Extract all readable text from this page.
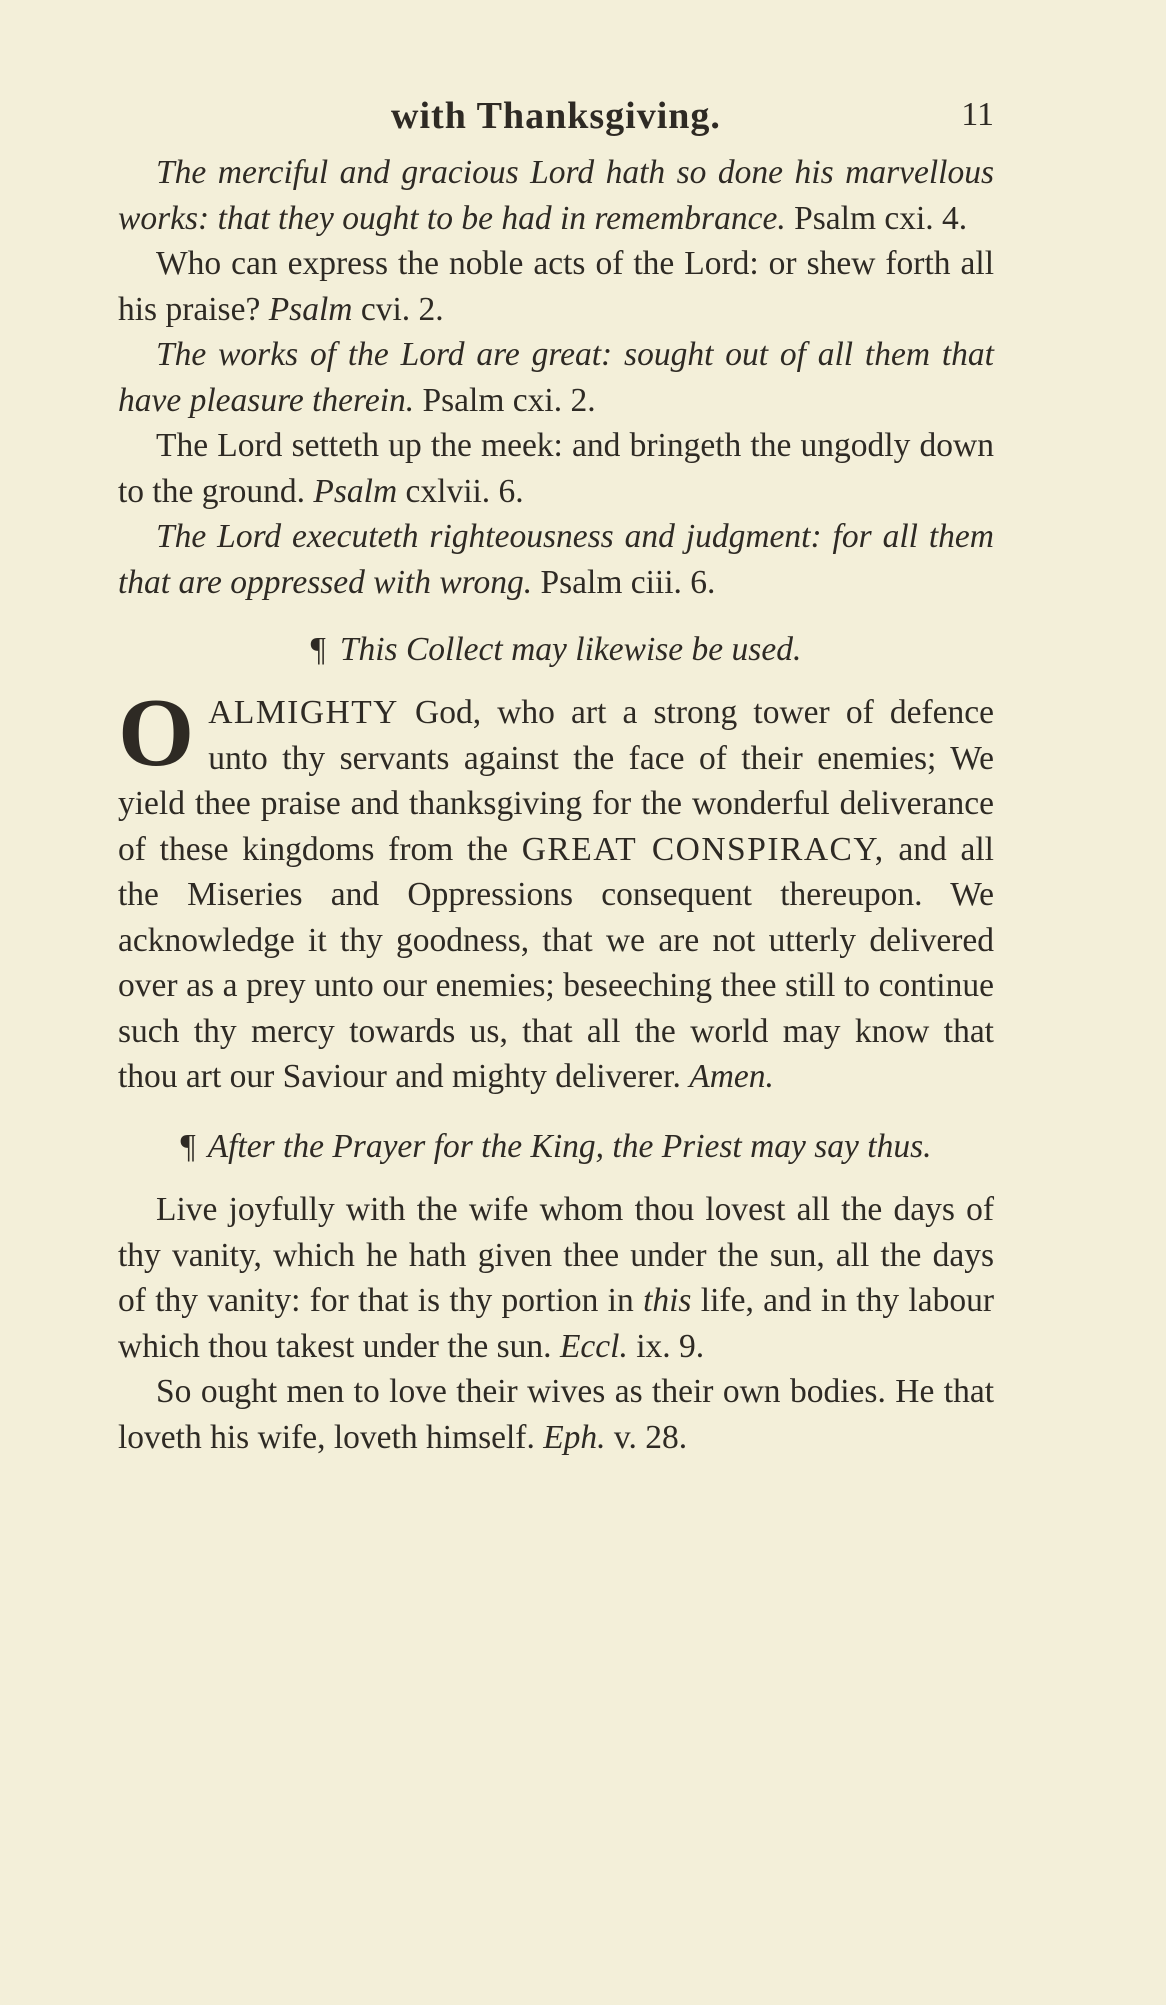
with Thanksgiving.	11

The merciful and gracious Lord hath so done his marvellous works: that they ought to be had in remembrance. Psalm cxi. 4.

Who can express the noble acts of the Lord: or shew forth all his praise? Psalm cvi. 2.

The works of the Lord are great: sought out of all them that have pleasure therein. Psalm cxi. 2.

The Lord setteth up the meek: and bringeth the ungodly down to the ground. Psalm cxlvii. 6.

The Lord executeth righteousness and judgment: for all them that are oppressed with wrong. Psalm ciii. 6.

¶ This Collect may likewise be used.

OALMIGHTY God, who art a strong tower of defence unto thy servants against the face of their enemies; We yield thee praise and thanksgiving for the wonderful deliverance of these kingdoms from the GREAT CONSPIRACY, and all the Miseries and Oppressions consequent thereupon. We acknowledge it thy goodness, that we are not utterly delivered over as a prey unto our enemies; beseeching thee still to continue such thy mercy towards us, that all the world may know that thou art our Saviour and mighty deliverer. Amen.

¶ After the Prayer for the King, the Priest may say thus.

Live joyfully with the wife whom thou lovest all the days of thy vanity, which he hath given thee under the sun, all the days of thy vanity: for that is thy portion in this life, and in thy labour which thou takest under the sun. Eccl. ix. 9.

So ought men to love their wives as their own bodies. He that loveth his wife, loveth himself. Eph. v. 28.
